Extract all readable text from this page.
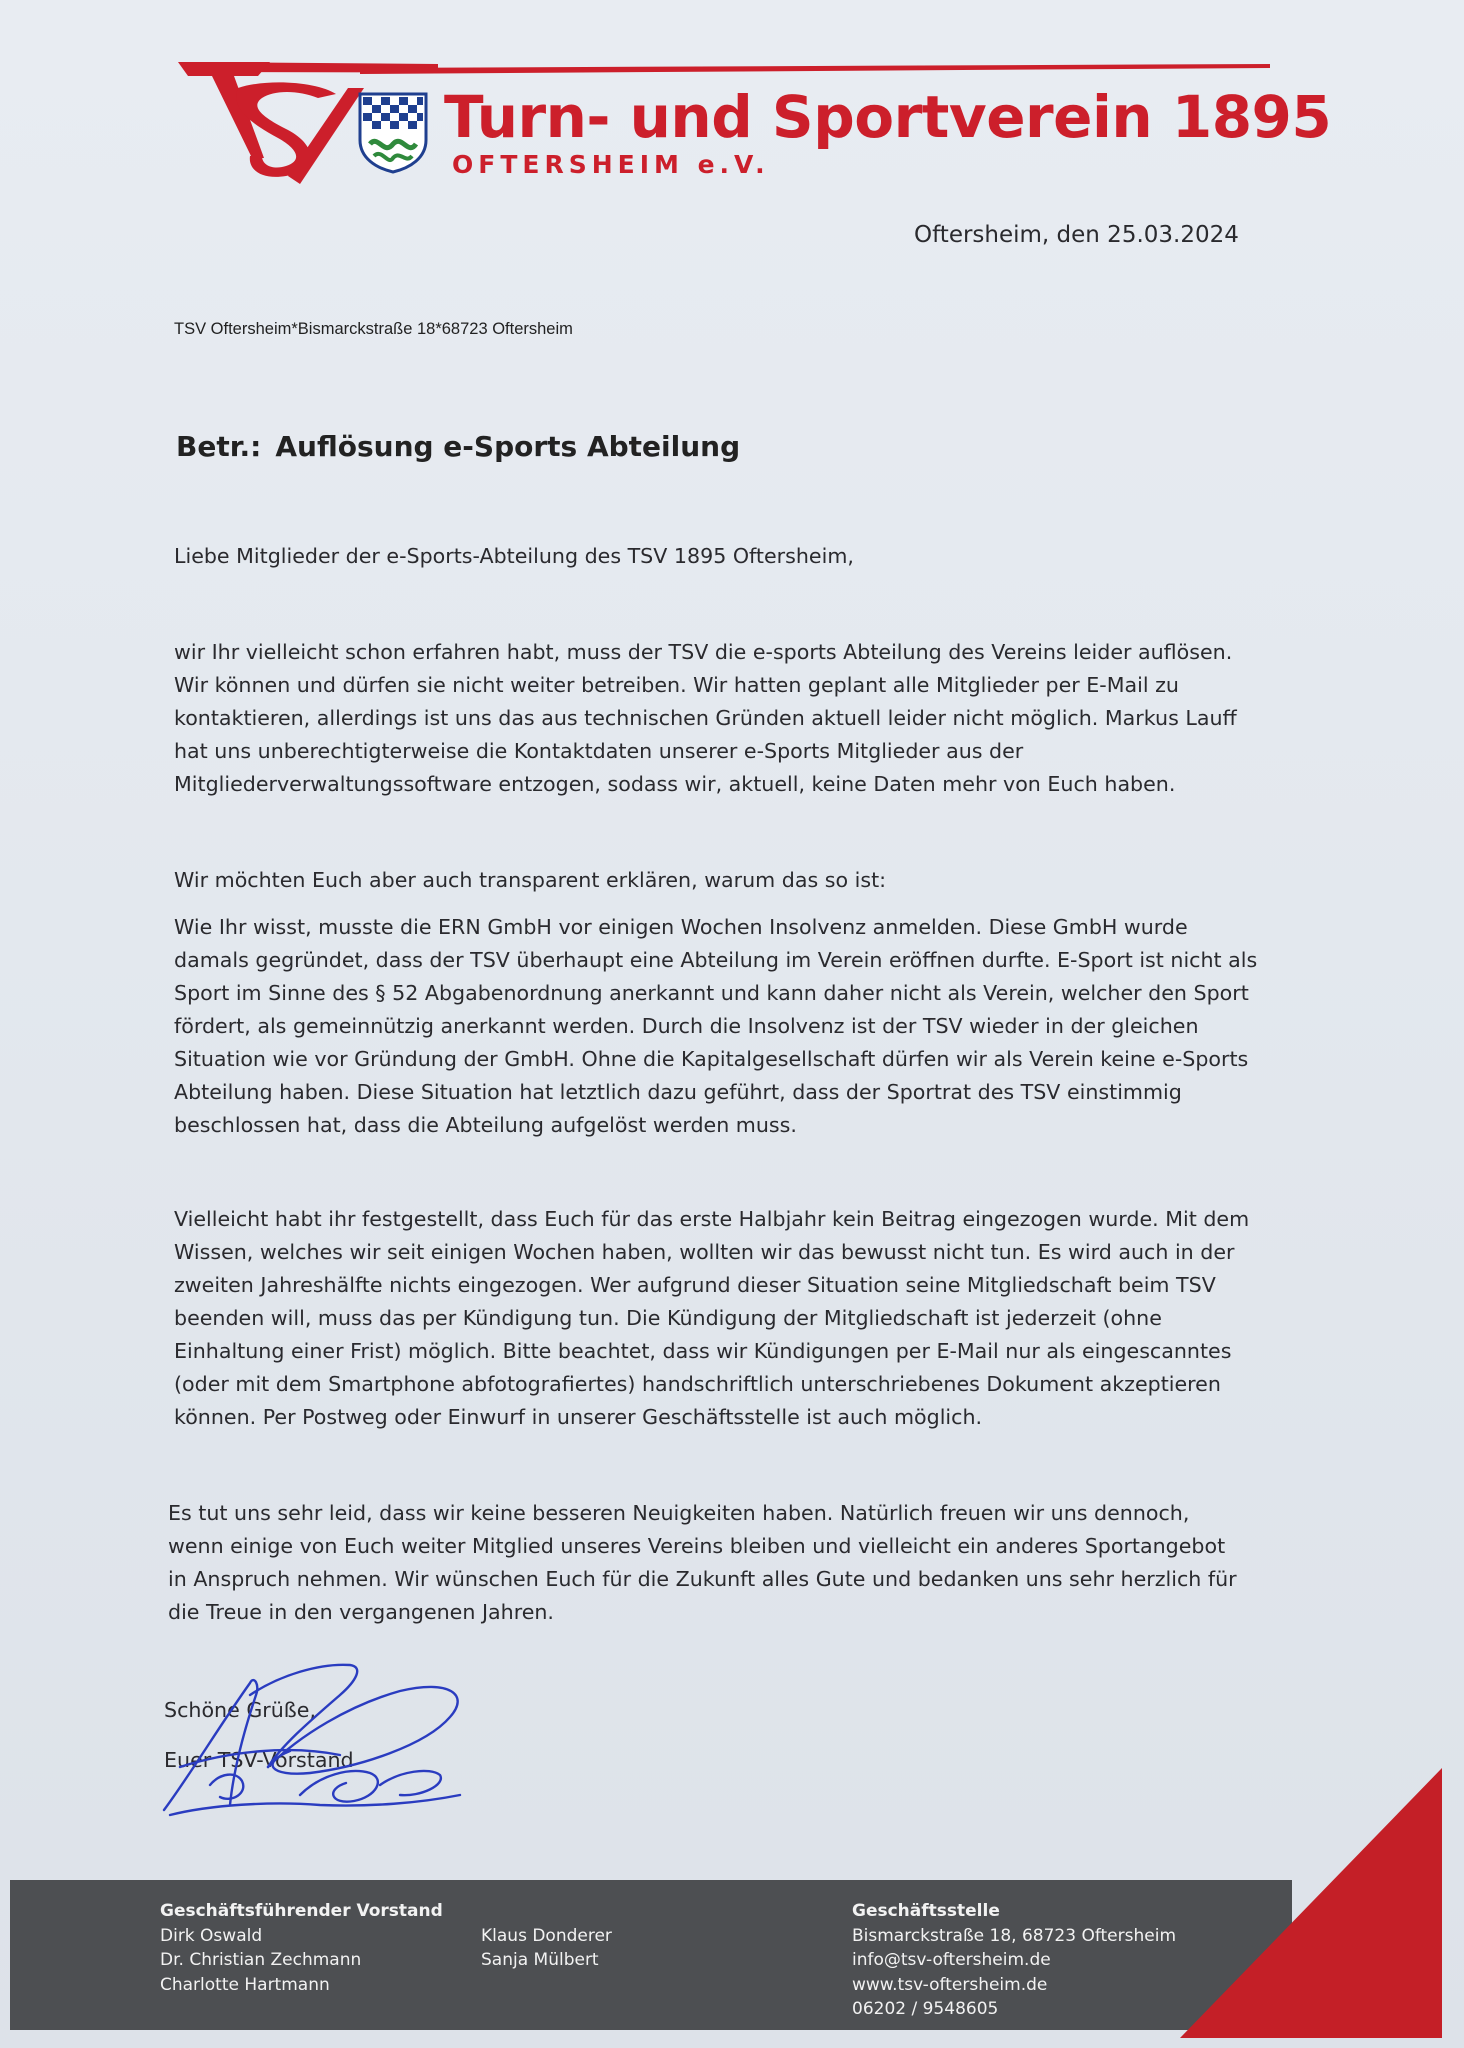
Turn- und Sportverein 1895
OFTERSHEIM e.V.
Oftersheim, den 25.03.2024
TSV Oftersheim*Bismarckstraße 18*68723 Oftersheim
Betr.: Auflösung e-Sports Abteilung
Liebe Mitglieder der e-Sports-Abteilung des TSV 1895 Oftersheim,
wir Ihr vielleicht schon erfahren habt, muss der TSV die e-sports Abteilung des Vereins leider auflösen.
Wir können und dürfen sie nicht weiter betreiben. Wir hatten geplant alle Mitglieder per E-Mail zu
kontaktieren, allerdings ist uns das aus technischen Gründen aktuell leider nicht möglich. Markus Lauff
hat uns unberechtigterweise die Kontaktdaten unserer e-Sports Mitglieder aus der
Mitgliederverwaltungssoftware entzogen, sodass wir, aktuell, keine Daten mehr von Euch haben.
Wir möchten Euch aber auch transparent erklären, warum das so ist:
Wie Ihr wisst, musste die ERN GmbH vor einigen Wochen Insolvenz anmelden. Diese GmbH wurde
damals gegründet, dass der TSV überhaupt eine Abteilung im Verein eröffnen durfte. E-Sport ist nicht als
Sport im Sinne des § 52 Abgabenordnung anerkannt und kann daher nicht als Verein, welcher den Sport
fördert, als gemeinnützig anerkannt werden. Durch die Insolvenz ist der TSV wieder in der gleichen
Situation wie vor Gründung der GmbH. Ohne die Kapitalgesellschaft dürfen wir als Verein keine e-Sports
Abteilung haben. Diese Situation hat letztlich dazu geführt, dass der Sportrat des TSV einstimmig
beschlossen hat, dass die Abteilung aufgelöst werden muss.
Vielleicht habt ihr festgestellt, dass Euch für das erste Halbjahr kein Beitrag eingezogen wurde. Mit dem
Wissen, welches wir seit einigen Wochen haben, wollten wir das bewusst nicht tun. Es wird auch in der
zweiten Jahreshälfte nichts eingezogen. Wer aufgrund dieser Situation seine Mitgliedschaft beim TSV
beenden will, muss das per Kündigung tun. Die Kündigung der Mitgliedschaft ist jederzeit (ohne
Einhaltung einer Frist) möglich. Bitte beachtet, dass wir Kündigungen per E-Mail nur als eingescanntes
(oder mit dem Smartphone abfotografiertes) handschriftlich unterschriebenes Dokument akzeptieren
können. Per Postweg oder Einwurf in unserer Geschäftsstelle ist auch möglich.
Es tut uns sehr leid, dass wir keine besseren Neuigkeiten haben. Natürlich freuen wir uns dennoch,
wenn einige von Euch weiter Mitglied unseres Vereins bleiben und vielleicht ein anderes Sportangebot
in Anspruch nehmen. Wir wünschen Euch für die Zukunft alles Gute und bedanken uns sehr herzlich für
die Treue in den vergangenen Jahren.
Schöne Grüße,
Euer TSV-Vorstand
Geschäftsführender Vorstand
Dirk Oswald
Dr. Christian Zechmann
Charlotte Hartmann
Klaus Donderer
Sanja Mülbert
Geschäftsstelle
Bismarckstraße 18, 68723 Oftersheim
info@tsv-oftersheim.de
www.tsv-oftersheim.de
06202 / 9548605
